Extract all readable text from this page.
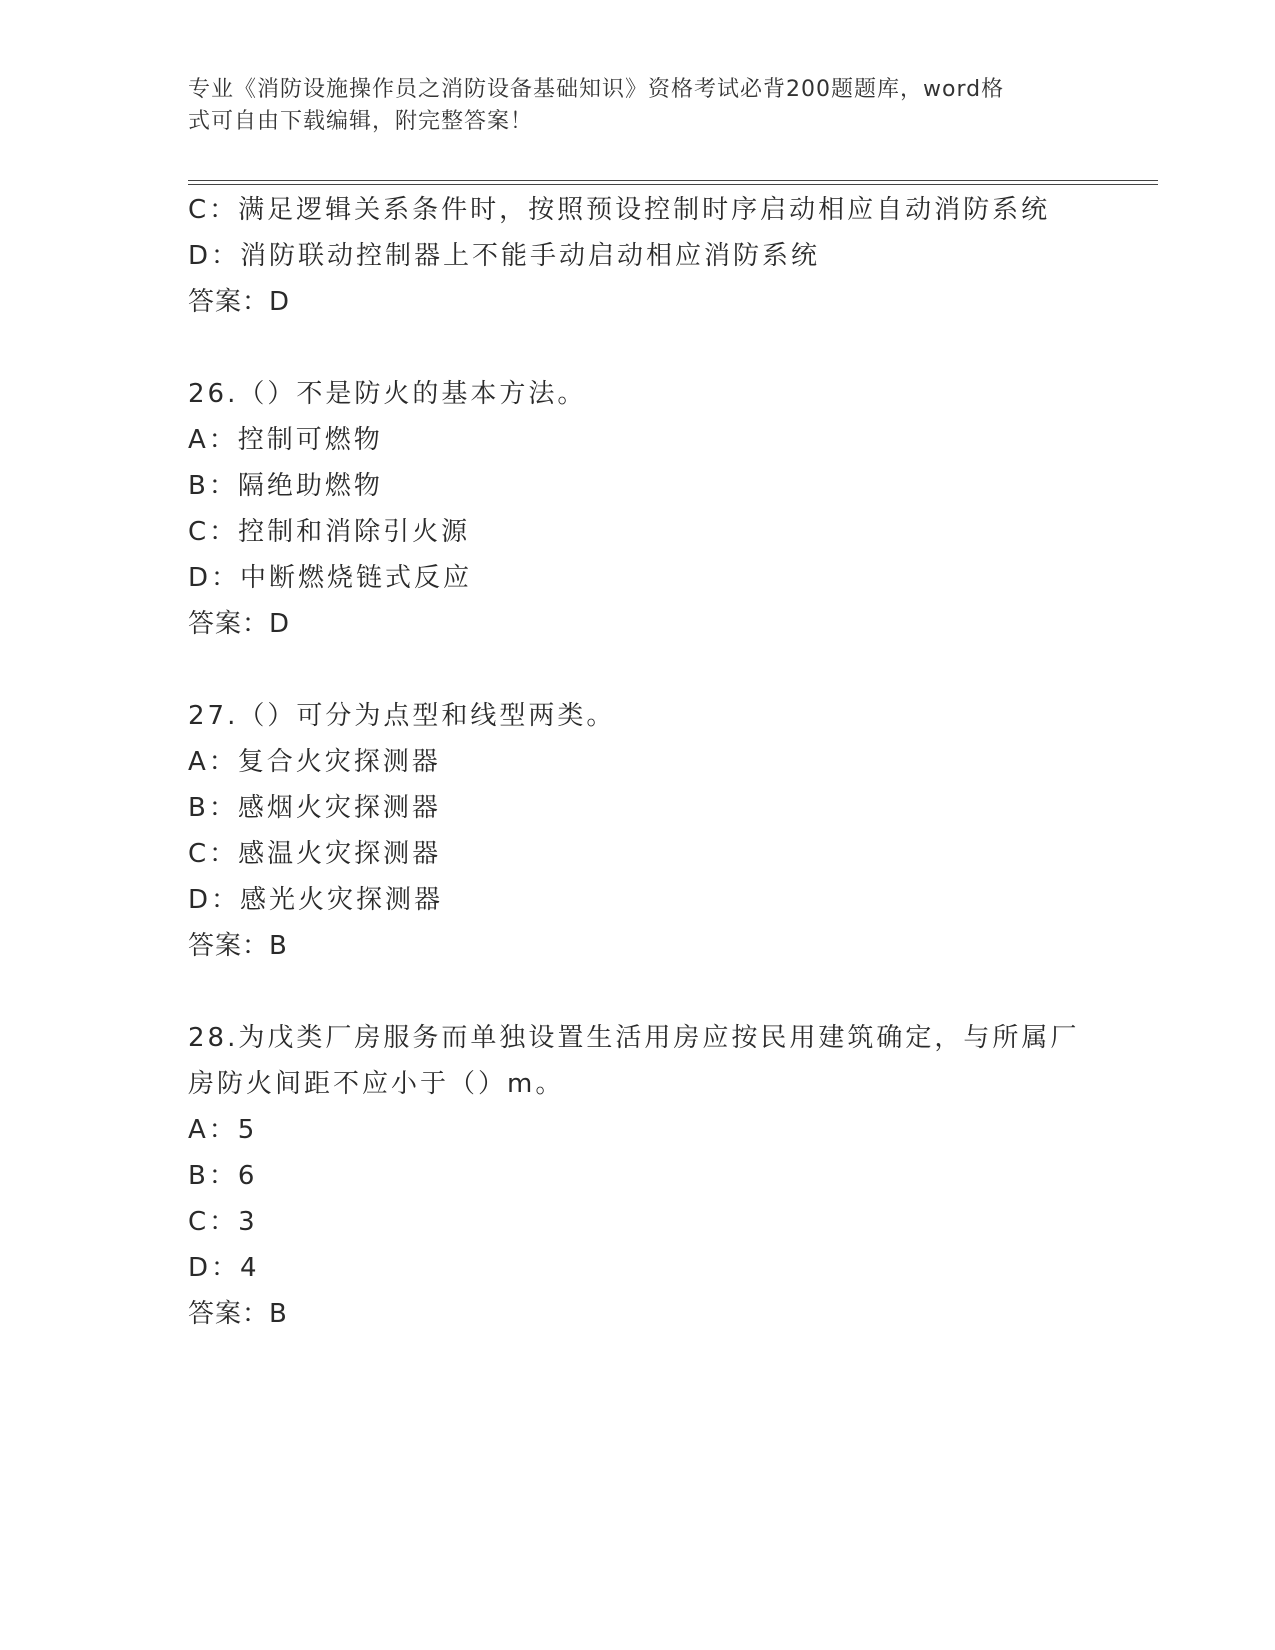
专业《消防设施操作员之消防设备基础知识》资格考试必背200题题库，word格
式可自由下载编辑，附完整答案！
C：满足逻辑关系条件时，按照预设控制时序启动相应自动消防系统
D：消防联动控制器上不能手动启动相应消防系统
答案：D
26.（）不是防火的基本方法。
A：控制可燃物
B：隔绝助燃物
C：控制和消除引火源
D：中断燃烧链式反应
答案：D
27.（）可分为点型和线型两类。
A：复合火灾探测器
B：感烟火灾探测器
C：感温火灾探测器
D：感光火灾探测器
答案：B
28.为戊类厂房服务而单独设置生活用房应按民用建筑确定，与所属厂
房防火间距不应小于（）m。
A：5
B：6
C：3
D：4
答案：B
